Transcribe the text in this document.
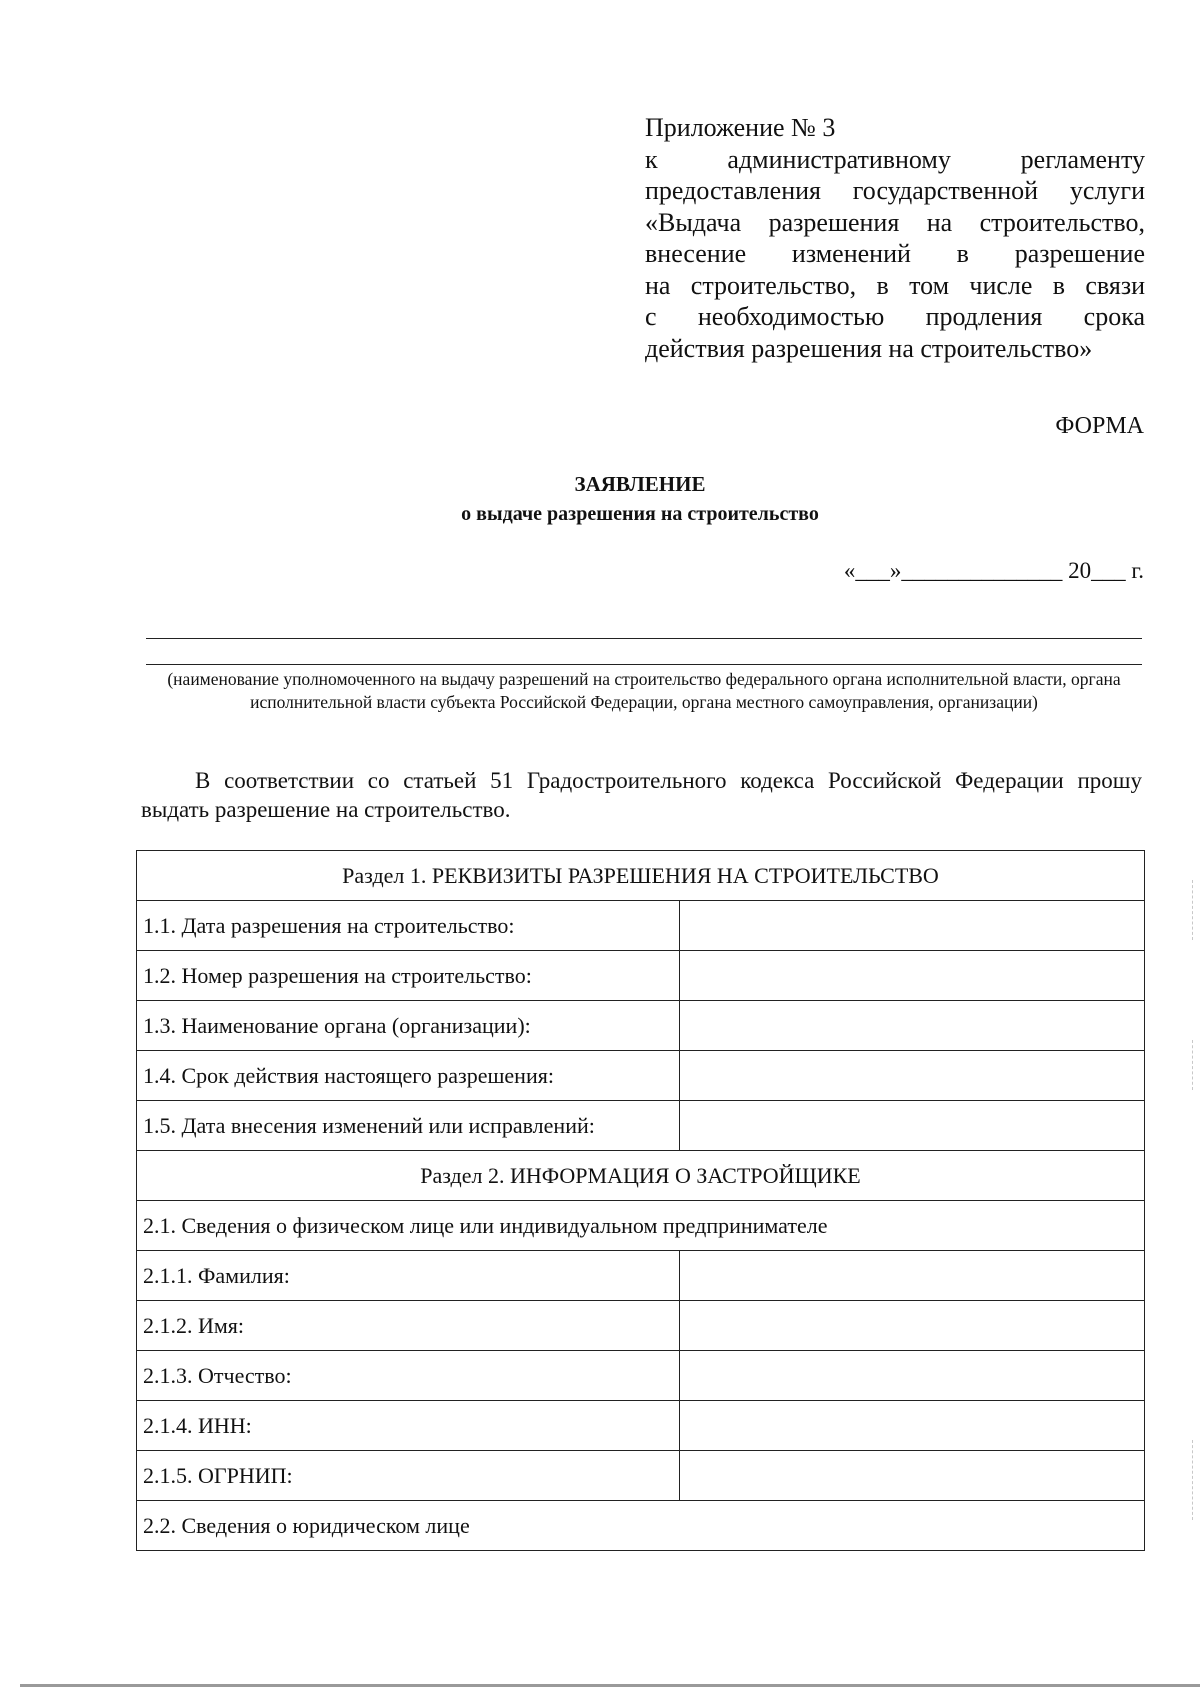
Приложение № 3
к административному регламенту
предоставления государственной услуги
«Выдача разрешения на строительство,
внесение изменений в разрешение
на строительство, в том числе в связи
с необходимостью продления срока
действия разрешения на строительство»
ФОРМА
ЗАЯВЛЕНИЕ
о выдаче разрешения на строительство
«___»______________ 20___ г.
(наименование уполномоченного на выдачу разрешений на строительство федерального органа исполнительной власти, органа исполнительной власти субъекта Российской Федерации, органа местного самоуправления, организации)
В соответствии со статьей 51 Градостроительного кодекса Российской Федерации прошу выдать разрешение на строительство.
Раздел 1. РЕКВИЗИТЫ РАЗРЕШЕНИЯ НА СТРОИТЕЛЬСТВО	
1.1. Дата разрешения на строительство:	
1.2. Номер разрешения на строительство:	
1.3. Наименование органа (организации):	
1.4. Срок действия настоящего разрешения:	
1.5. Дата внесения изменений или исправлений:	
Раздел 2. ИНФОРМАЦИЯ О ЗАСТРОЙЩИКЕ	
2.1. Сведения о физическом лице или индивидуальном предпринимателе	
2.1.1. Фамилия:	
2.1.2. Имя:	
2.1.3. Отчество:	
2.1.4. ИНН:	
2.1.5. ОГРНИП:	
2.2. Сведения о юридическом лице	
